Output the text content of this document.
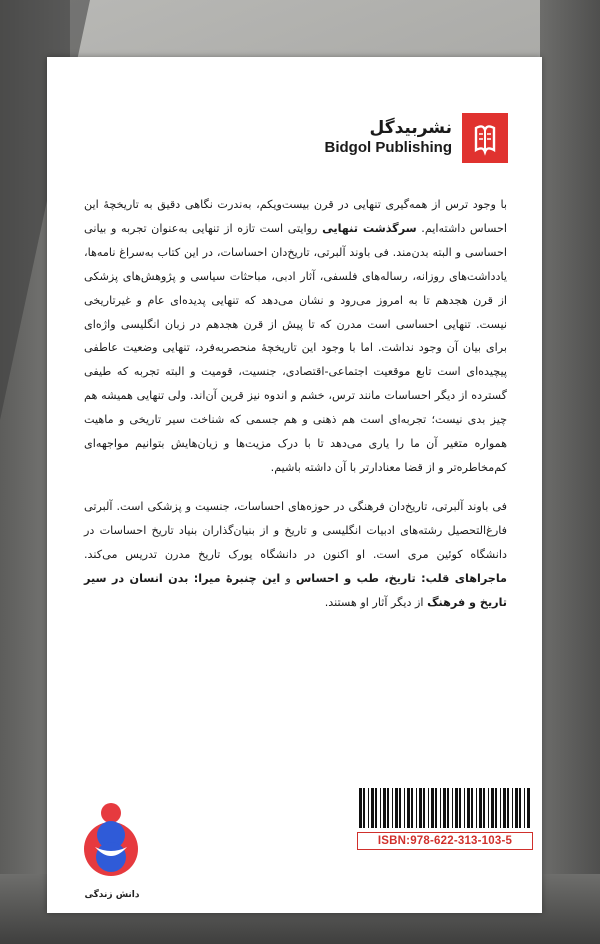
نشربیدگل
Bidgol Publishing

با وجود ترس از همه‌گیری تنهایی در قرن بیست‌ویکم، به‌ندرت نگاهی دقیق به تاریخچهٔ این احساس داشته‌ایم. سرگذشت تنهایی روایتی است تازه از تنهایی به‌عنوان تجربه و بیانی احساسی و البته بدن‌مند. فی باوند آلبرتی، تاریخ‌دان احساسات، در این کتاب به‌سراغ نامه‌ها، یادداشت‌های روزانه، رساله‌های فلسفی، آثار ادبی، مباحثات سیاسی و پژوهش‌های پزشکی از قرن هجدهم تا به امروز می‌رود و نشان می‌دهد که تنهایی پدیده‌ای عام و غیرتاریخی نیست. تنهایی احساسی است مدرن که تا پیش از قرن هجدهم در زبان انگلیسی واژه‌ای برای بیان آن وجود نداشت. اما با وجود این تاریخچهٔ منحصربه‌فرد، تنهایی وضعیت عاطفی پیچیده‌ای است تابع موقعیت اجتماعی-اقتصادی، جنسیت، قومیت و البته تجربه که طیفی گسترده از دیگر احساسات مانند ترس، خشم و اندوه نیز قرین آن‌اند. ولی تنهایی همیشه هم چیز بدی نیست؛ تجربه‌ای است هم ذهنی و هم جسمی که شناخت سیر تاریخی و ماهیت همواره متغیر آن ما را یاری می‌دهد تا با درک مزیت‌ها و زیان‌هایش بتوانیم مواجهه‌ای کم‌مخاطره‌تر و از قضا معنادارتر با آن داشته باشیم.

فی باوند آلبرتی، تاریخ‌دان فرهنگی در حوزه‌های احساسات، جنسیت و پزشکی است. آلبرتی فارغ‌التحصیل رشته‌های ادبیات انگلیسی و تاریخ و از بنیان‌گذاران بنیاد تاریخ احساسات در دانشگاه کوئین مری است. او اکنون در دانشگاه یورک تاریخ مدرن تدریس می‌کند. ماجراهای قلب: تاریخ، طب و احساس و این چنبرهٔ میرا: بدن انسان در سیر تاریخ و فرهنگ از دیگر آثار او هستند.

دانش زندگی
ISBN:978-622-313-103-5
